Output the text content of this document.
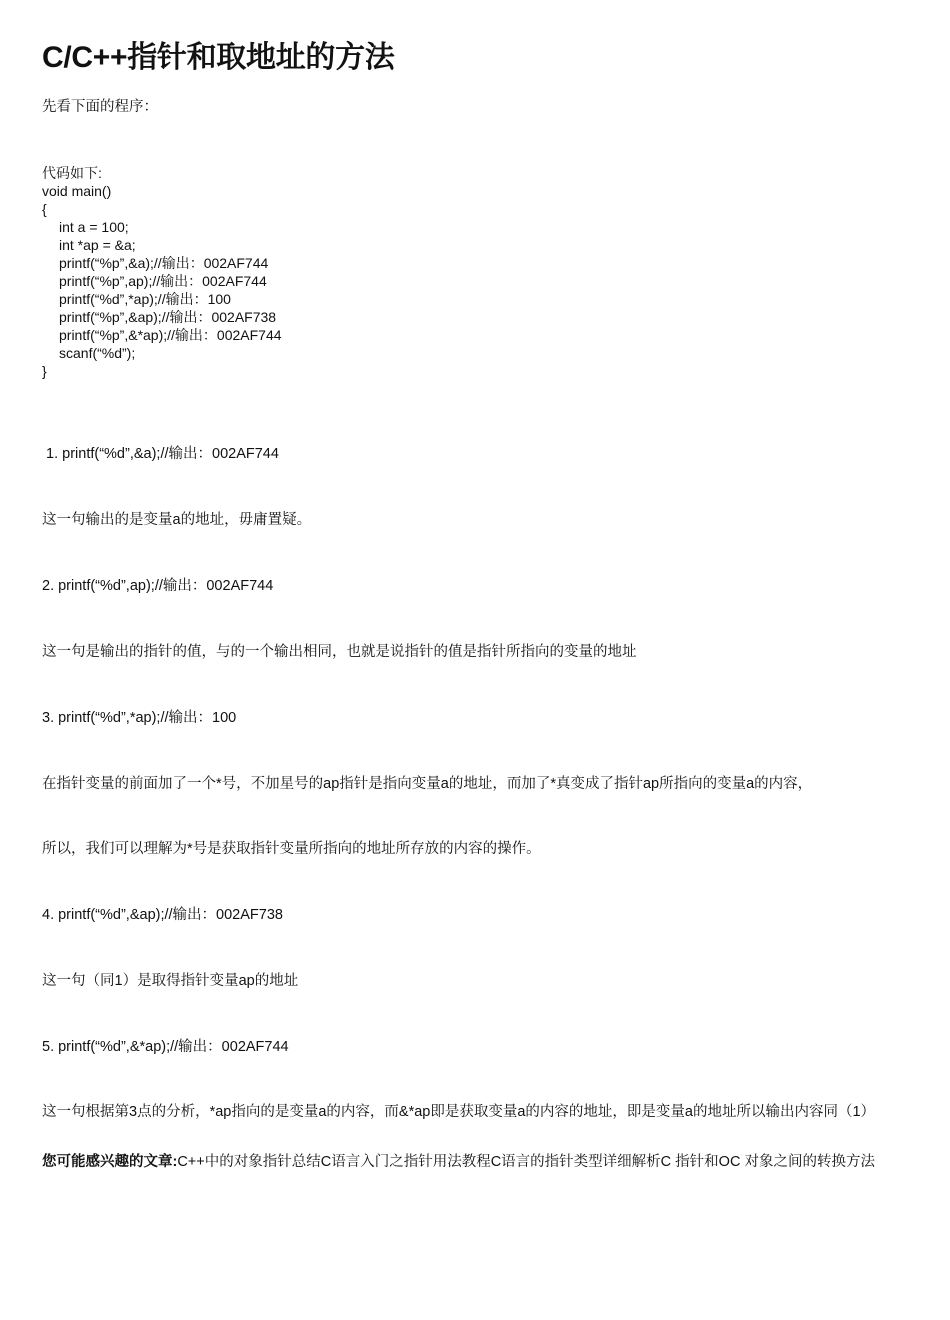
C/C++指针和取地址的方法

先看下面的程序：

代码如下:
void main()
{
int a = 100;
int *ap = &a;
printf(“%p”,&a);//输出：002AF744
printf(“%p”,ap);//输出：002AF744
printf(“%d”,*ap);//输出：100
printf(“%p”,&ap);//输出：002AF738
printf(“%p”,&*ap);//输出：002AF744
scanf(“%d”);
}

1. printf(“%d”,&a);//输出：002AF744

这一句输出的是变量a的地址，毋庸置疑。

2. printf(“%d”,ap);//输出：002AF744

这一句是输出的指针的值，与的一个输出相同，也就是说指针的值是指针所指向的变量的地址

3. printf(“%d”,*ap);//输出：100

在指针变量的前面加了一个*号，不加星号的ap指针是指向变量a的地址，而加了*真变成了指针ap所指向的变量a的内容，

所以，我们可以理解为*号是获取指针变量所指向的地址所存放的内容的操作。

4. printf(“%d”,&ap);//输出：002AF738

这一句（同1）是取得指针变量ap的地址

5. printf(“%d”,&*ap);//输出：002AF744

这一句根据第3点的分析，*ap指向的是变量a的内容，而&*ap即是获取变量a的内容的地址，即是变量a的地址所以输出内容同（1）

您可能感兴趣的文章:C++中的对象指针总结C语言入门之指针用法教程C语言的指针类型详细解析C 指针和OC 对象之间的转换方法
